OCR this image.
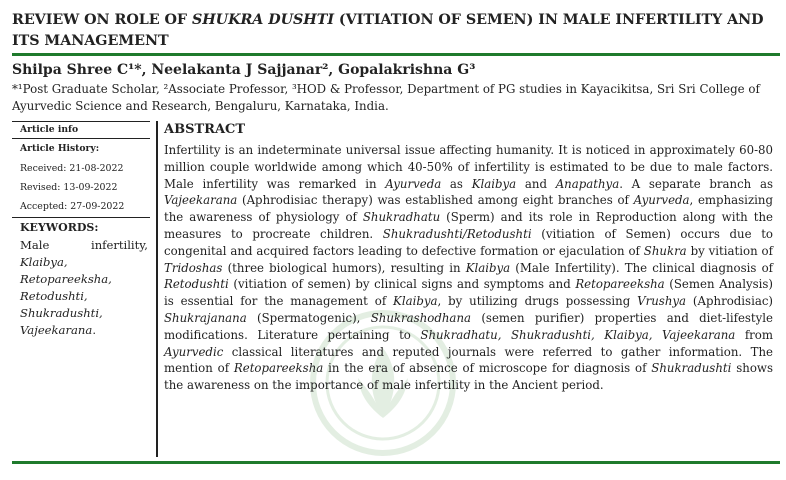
REVIEW ON ROLE OF SHUKRA DUSHTI (VITIATION OF SEMEN) IN MALE INFERTILITY AND ITS MANAGEMENT

Shilpa Shree C¹*, Neelakanta J Sajjanar², Gopalakrishna G³

*¹Post Graduate Scholar, ²Associate Professor, ³HOD & Professor, Department of PG studies in Kayacikitsa, Sri Sri College of Ayurvedic Science and Research, Bengaluru, Karnataka, India.

Article info

Article History:

Received: 21-08-2022

Revised: 13-09-2022

Accepted: 27-09-2022

KEYWORDS:

Male infertility, Klaibya, Retopareeksha, Retodushti, Shukradushti, Vajeekarana.

ABSTRACT

Infertility is an indeterminate universal issue affecting humanity. It is noticed in approximately 60-80 million couple worldwide among which 40-50% of infertility is estimated to be due to male factors. Male infertility was remarked in Ayurveda as Klaibya and Anapathya. A separate branch as Vajeekarana (Aphrodisiac therapy) was established among eight branches of Ayurveda, emphasizing the awareness of physiology of Shukradhatu (Sperm) and its role in Reproduction along with the measures to procreate children. Shukradushti/Retodushti (vitiation of Semen) occurs due to congenital and acquired factors leading to defective formation or ejaculation of Shukra by vitiation of Tridoshas (three biological humors), resulting in Klaibya (Male Infertility). The clinical diagnosis of Retodushti (vitiation of semen) by clinical signs and symptoms and Retopareeksha (Semen Analysis) is essential for the management of Klaibya, by utilizing drugs possessing Vrushya (Aphrodisiac) Shukrajanana (Spermatogenic), Shukrashodhana (semen purifier) properties and diet-lifestyle modifications. Literature pertaining to Shukradhatu, Shukradushti, Klaibya, Vajeekarana from Ayurvedic classical literatures and reputed journals were referred to gather information. The mention of Retopareeksha in the era of absence of microscope for diagnosis of Shukradushti shows the awareness on the importance of male infertility in the Ancient period.
